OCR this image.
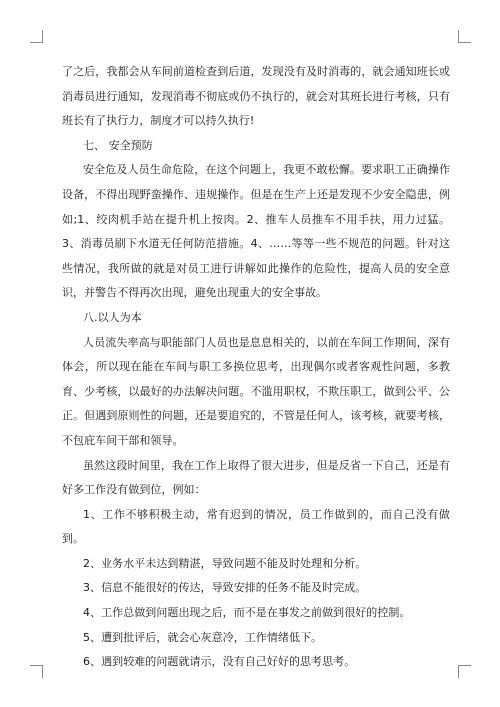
了之后，我都会从车间前道检查到后道，发现没有及时消毒的，就会通知班长或消毒员进行通知，发现消毒不彻底或仍不执行的，就会对其班长进行考核，只有班长有了执行力，制度才可以持久执行!

七、 安全预防

安全危及人员生命危险，在这个问题上，我更不敢松懈。要求职工正确操作设备，不得出现野蛮操作、违规操作。但是在生产上还是发现不少安全隐患，例如;1、绞肉机手站在提升机上按肉。2、推车人员推车不用手扶，用力过猛。3、消毒员刷下水道无任何防范措施。4、……等等一些不规范的问题。针对这些情况，我所做的就是对员工进行讲解如此操作的危险性，提高人员的安全意识，并警告不得再次出现，避免出现重大的安全事故。

八.以人为本

人员流失率高与职能部门人员也是息息相关的，以前在车间工作期间，深有体会，所以现在能在车间与职工多换位思考，出现偶尔或者客观性问题，多教育、少考核，以最好的办法解决问题。不滥用职权，不欺压职工，做到公平、公正。但遇到原则性的问题，还是要追究的，不管是任何人，该考核，就要考核，不包庇车间干部和领导。

虽然这段时间里，我在工作上取得了很大进步，但是反省一下自己，还是有好多工作没有做到位，例如：

1、工作不够积极主动，常有迟到的情况，员工作做到的，而自己没有做到。

2、业务水平未达到精湛，导致问题不能及时处理和分析。

3、信息不能很好的传达，导致安排的任务不能及时完成。

4、工作总做到问题出现之后，而不是在事发之前做到很好的控制。

5、遭到批评后，就会心灰意冷，工作情绪低下。

6、遇到较难的问题就请示，没有自己好好的思考思考。
